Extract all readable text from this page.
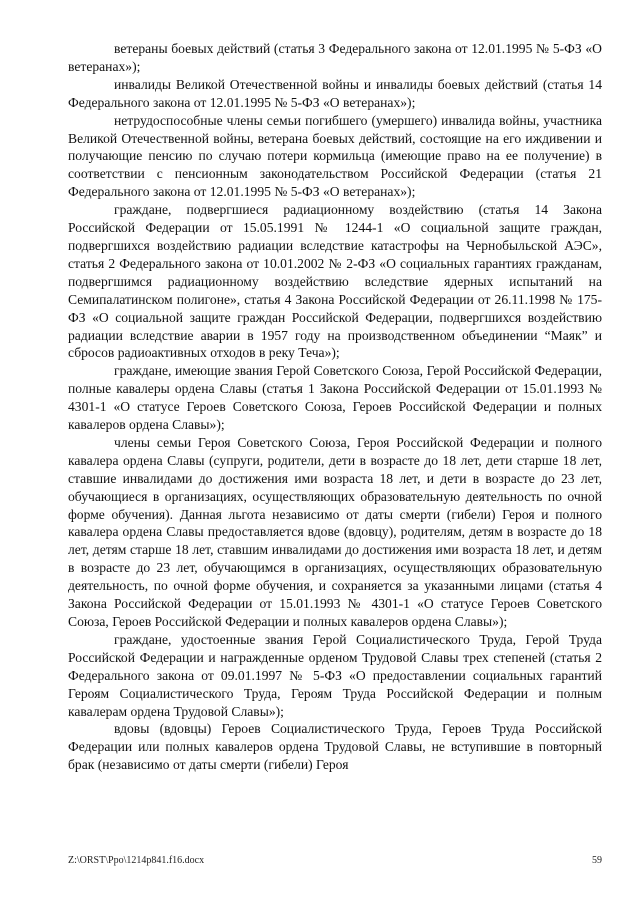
ветераны боевых действий (статья 3 Федерального закона от 12.01.1995 № 5-ФЗ «О ветеранах»);

инвалиды Великой Отечественной войны и инвалиды боевых действий (статья 14 Федерального закона от 12.01.1995 № 5-ФЗ «О ветеранах»);

нетрудоспособные члены семьи погибшего (умершего) инвалида войны, участника Великой Отечественной войны, ветерана боевых действий, состоящие на его иждивении и получающие пенсию по случаю потери кормильца (имеющие право на ее получение) в соответствии с пенсионным законодательством Российской Федерации (статья 21 Федерального закона от 12.01.1995 № 5-ФЗ «О ветеранах»);

граждане, подвергшиеся радиационному воздействию (статья 14 Закона Российской Федерации от 15.05.1991 № 1244-1 «О социальной защите граждан, подвергшихся воздействию радиации вследствие катастрофы на Чернобыльской АЭС», статья 2 Федерального закона от 10.01.2002 № 2-ФЗ «О социальных гарантиях гражданам, подвергшимся радиационному воздействию вследствие ядерных испытаний на Семипалатинском полигоне», статья 4 Закона Российской Федерации от 26.11.1998 № 175-ФЗ «О социальной защите граждан Российской Федерации, подвергшихся воздействию радиации вследствие аварии в 1957 году на производственном объединении “Маяк” и сбросов радиоактивных отходов в реку Теча»);

граждане, имеющие звания Герой Советского Союза, Герой Российской Федерации, полные кавалеры ордена Славы (статья 1 Закона Российской Федерации от 15.01.1993 № 4301-1 «О статусе Героев Советского Союза, Героев Российской Федерации и полных кавалеров ордена Славы»);

члены семьи Героя Советского Союза, Героя Российской Федерации и полного кавалера ордена Славы (супруги, родители, дети в возрасте до 18 лет, дети старше 18 лет, ставшие инвалидами до достижения ими возраста 18 лет, и дети в возрасте до 23 лет, обучающиеся в организациях, осуществляющих образовательную деятельность по очной форме обучения). Данная льгота независимо от даты смерти (гибели) Героя и полного кавалера ордена Славы предоставляется вдове (вдовцу), родителям, детям в возрасте до 18 лет, детям старше 18 лет, ставшим инвалидами до достижения ими возраста 18 лет, и детям в возрасте до 23 лет, обучающимся в организациях, осуществляющих образовательную деятельность, по очной форме обучения, и сохраняется за указанными лицами (статья 4 Закона Российской Федерации от 15.01.1993 № 4301-1 «О статусе Героев Советского Союза, Героев Российской Федерации и полных кавалеров ордена Славы»);

граждане, удостоенные звания Герой Социалистического Труда, Герой Труда Российской Федерации и награжденные орденом Трудовой Славы трех степеней (статья 2 Федерального закона от 09.01.1997 № 5-ФЗ «О предоставлении социальных гарантий Героям Социалистического Труда, Героям Труда Российской Федерации и полным кавалерам ордена Трудовой Славы»);

вдовы (вдовцы) Героев Социалистического Труда, Героев Труда Российской Федерации или полных кавалеров ордена Трудовой Славы, не вступившие в повторный брак (независимо от даты смерти (гибели) Героя

Z:\ORST\Ppo\1214p841.f16.docx	59
